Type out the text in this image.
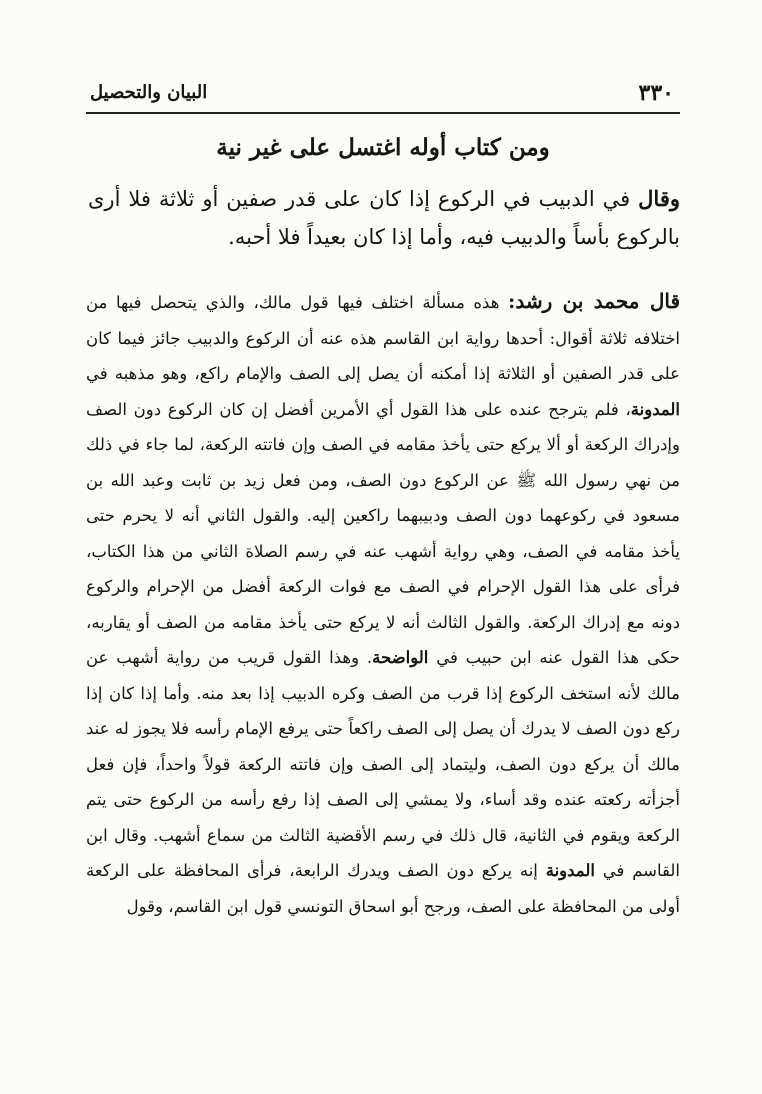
٣٣٠
البيان والتحصيل
ومن كتاب أوله اغتسل على غير نية
وقال في الدبيب في الركوع إذا كان على قدر صفين أو ثلاثة فلا أرى بالركوع بأساً والدبيب فيه، وأما إذا كان بعيداً فلا أحبه.
قال محمد بن رشد: هذه مسألة اختلف فيها قول مالك، والذي يتحصل فيها من اختلافه ثلاثة أقوال: أحدها رواية ابن القاسم هذه عنه أن الركوع والدبيب جائز فيما كان على قدر الصفين أو الثلاثة إذا أمكنه أن يصل إلى الصف والإمام راكع، وهو مذهبه في المدونة، فلم يترجح عنده على هذا القول أي الأمرين أفضل إن كان الركوع دون الصف وإدراك الركعة أو ألا يركع حتى يأخذ مقامه في الصف وإن فاتته الركعة، لما جاء في ذلك من نهي رسول الله ﷺ عن الركوع دون الصف، ومن فعل زيد بن ثابت وعبد الله بن مسعود في ركوعهما دون الصف ودبيبهما راكعين إليه. والقول الثاني أنه لا يحرم حتى يأخذ مقامه في الصف، وهي رواية أشهب عنه في رسم الصلاة الثاني من هذا الكتاب، فرأى على هذا القول الإحرام في الصف مع فوات الركعة أفضل من الإحرام والركوع دونه مع إدراك الركعة. والقول الثالث أنه لا يركع حتى يأخذ مقامه من الصف أو يقاربه، حكى هذا القول عنه ابن حبيب في الواضحة. وهذا القول قريب من رواية أشهب عن مالك لأنه استخف الركوع إذا قرب من الصف وكره الدبيب إذا بعد منه. وأما إذا كان إذا ركع دون الصف لا يدرك أن يصل إلى الصف راكعاً حتى يرفع الإمام رأسه فلا يجوز له عند مالك أن يركع دون الصف، وليتماد إلى الصف وإن فاتته الركعة قولاً واحداً، فإن فعل أجزأته ركعته عنده وقد أساء، ولا يمشي إلى الصف إذا رفع رأسه من الركوع حتى يتم الركعة ويقوم في الثانية، قال ذلك في رسم الأقضية الثالث من سماع أشهب. وقال ابن القاسم في المدونة إنه يركع دون الصف ويدرك الرابعة، فرأى المحافظة على الركعة أولى من المحافظة على الصف، ورجح أبو اسحاق التونسي قول ابن القاسم، وقول
